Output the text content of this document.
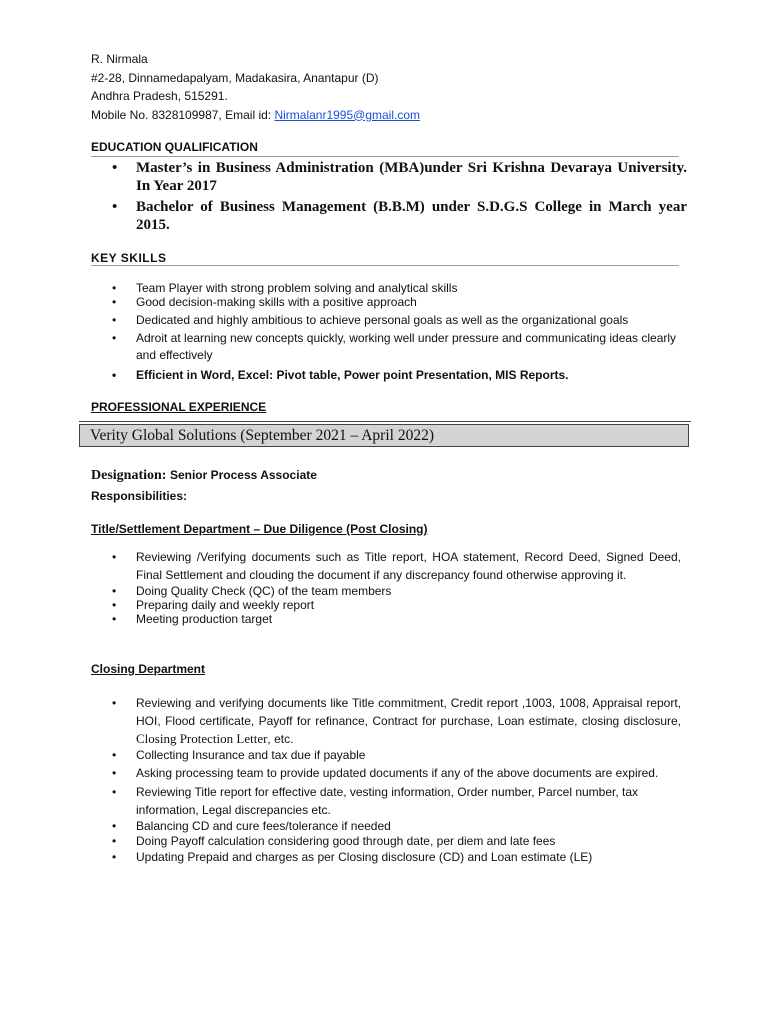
R. Nirmala
#2-28, Dinnamedapalyam, Madakasira, Anantapur (D)
Andhra Pradesh, 515291.
Mobile No. 8328109987, Email id: Nirmalanr1995@gmail.com
EDUCATION QUALIFICATION
• Master’s in Business Administration (MBA)under Sri Krishna Devaraya University. In Year 2017
• Bachelor of Business Management (B.B.M) under S.D.G.S College in March year 2015.
KEY SKILLS
• Team Player with strong problem solving and analytical skills
• Good decision-making skills with a positive approach
• Dedicated and highly ambitious to achieve personal goals as well as the organizational goals
• Adroit at learning new concepts quickly, working well under pressure and communicating ideas clearly and effectively
• Efficient in Word, Excel: Pivot table, Power point Presentation, MIS Reports.
PROFESSIONAL EXPERIENCE
Verity Global Solutions (September 2021 – April 2022)
Designation: Senior Process Associate
Responsibilities:
Title/Settlement Department – Due Diligence (Post Closing)
• Reviewing /Verifying documents such as Title report, HOA statement, Record Deed, Signed Deed, Final Settlement and clouding the document if any discrepancy found otherwise approving it.
• Doing Quality Check (QC) of the team members
• Preparing daily and weekly report
• Meeting production target
Closing Department
• Reviewing and verifying documents like Title commitment, Credit report ,1003, 1008, Appraisal report, HOI, Flood certificate, Payoff for refinance, Contract for purchase, Loan estimate, closing disclosure, Closing Protection Letter, etc.
• Collecting Insurance and tax due if payable
• Asking processing team to provide updated documents if any of the above documents are expired.
• Reviewing Title report for effective date, vesting information, Order number, Parcel number, tax information, Legal discrepancies etc.
• Balancing CD and cure fees/tolerance if needed
• Doing Payoff calculation considering good through date, per diem and late fees
• Updating Prepaid and charges as per Closing disclosure (CD) and Loan estimate (LE)
